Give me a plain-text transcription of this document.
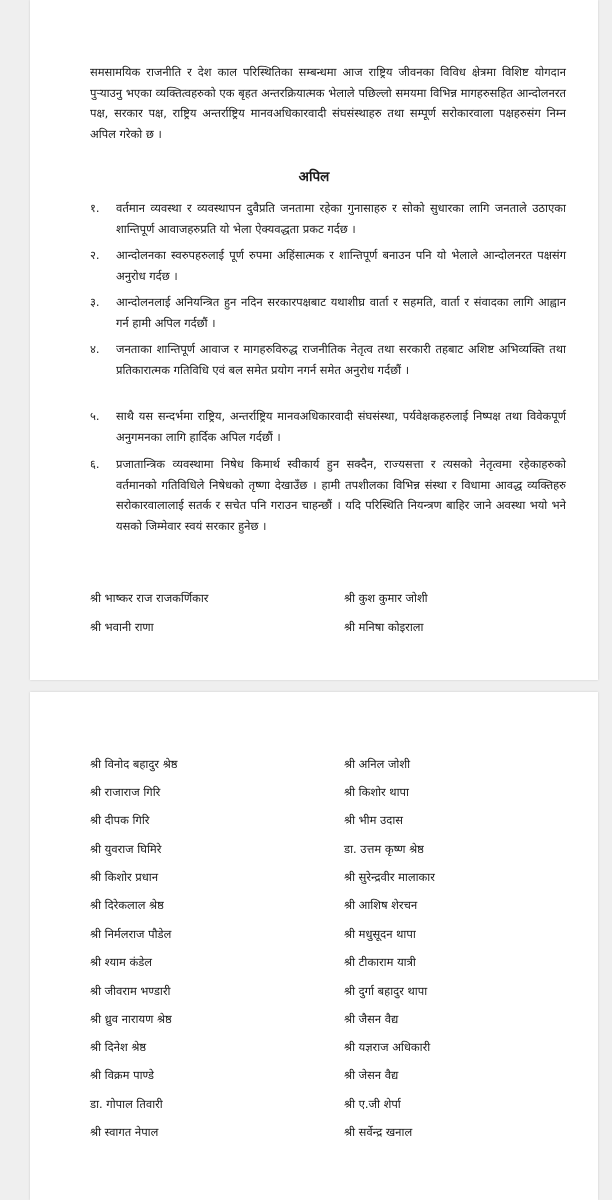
समसामयिक राजनीति र देश काल परिस्थितिका सम्बन्धमा आज राष्ट्रिय जीवनका विविध क्षेत्रमा विशिष्ट योगदान पुऱ्याउनु भएका व्यक्तित्वहरुको एक बृहत अन्तरक्रियात्मक भेलाले पछिल्लो समयमा विभिन्न मागहरुसहित आन्दोलनरत पक्ष, सरकार पक्ष, राष्ट्रिय अन्तर्राष्ट्रिय मानवअधिकारवादी संघसंस्थाहरु तथा सम्पूर्ण सरोकारवाला पक्षहरुसंग निम्न अपिल गरेको छ ।

अपिल
१.	वर्तमान व्यवस्था र व्यवस्थापन दुवैप्रति जनतामा रहेका गुनासाहरु र सोको सुधारका लागि जनताले उठाएका शान्तिपूर्ण आवाजहरुप्रति यो भेला ऐक्यवद्धता प्रकट गर्दछ ।
२.	आन्दोलनका स्वरुपहरुलाई पूर्ण रुपमा अहिंसात्मक र शान्तिपूर्ण बनाउन पनि यो भेलाले आन्दोलनरत पक्षसंग अनुरोध गर्दछ ।
३.	आन्दोलनलाई अनियन्त्रित हुन नदिन सरकारपक्षबाट यथाशीघ्र वार्ता र सहमति, वार्ता र संवादका लागि आह्वान गर्न हामी अपिल गर्दछौं ।
४.	जनताका शान्तिपूर्ण आवाज र मागहरुविरुद्ध राजनीतिक नेतृत्व तथा सरकारी तहबाट अशिष्ट अभिव्यक्ति तथा प्रतिकारात्मक गतिविधि एवं बल समेत प्रयोग नगर्न समेत अनुरोध गर्दछौं ।
५.	साथै यस सन्दर्भमा राष्ट्रिय, अन्तर्राष्ट्रिय मानवअधिकारवादी संघसंस्था, पर्यवेक्षकहरुलाई निष्पक्ष तथा विवेकपूर्ण अनुगमनका लागि हार्दिक अपिल गर्दछौं ।
६.	प्रजातान्त्रिक व्यवस्थामा निषेध किमार्थ स्वीकार्य हुन सक्दैन, राज्यसत्ता र त्यसको नेतृत्वमा रहेकाहरुको वर्तमानको गतिविधिले निषेधको तृष्णा देखाउँछ । हामी तपशीलका विभिन्न संस्था र विधामा आवद्ध व्यक्तिहरु सरोकारवालालाई सतर्क र सचेत पनि गराउन चाहन्छौं । यदि परिस्थिति नियन्त्रण बाहिर जाने अवस्था भयो भने यसको जिम्मेवार स्वयं सरकार हुनेछ ।
श्री भाष्कर राज राजकर्णिकार	श्री कुश कुमार जोशी
श्री भवानी राणा	श्री मनिषा कोइराला
श्री विनोद बहादुर श्रेष्ठ	श्री अनिल जोशी
श्री राजाराज गिरि	श्री किशोर थापा
श्री दीपक गिरि	श्री भीम उदास
श्री युवराज घिमिरे	डा. उत्तम कृष्ण श्रेष्ठ
श्री किशोर प्रधान	श्री सुरेन्द्रवीर मालाकार
श्री दिरेकलाल श्रेष्ठ	श्री आशिष शेरचन
श्री निर्मलराज पौडेल	श्री मधुसूदन थापा
श्री श्याम कंडेल	श्री टीकाराम यात्री
श्री जीवराम भण्डारी	श्री दुर्गा बहादुर थापा
श्री ध्रुव नारायण श्रेष्ठ	श्री जैसन वैद्य
श्री दिनेश श्रेष्ठ	श्री यज्ञराज अधिकारी
श्री विक्रम पाण्डे	श्री जेसन वैद्य
डा. गोपाल तिवारी	श्री ए.जी शेर्पा
श्री स्वागत नेपाल	श्री सर्वेन्द्र खनाल
